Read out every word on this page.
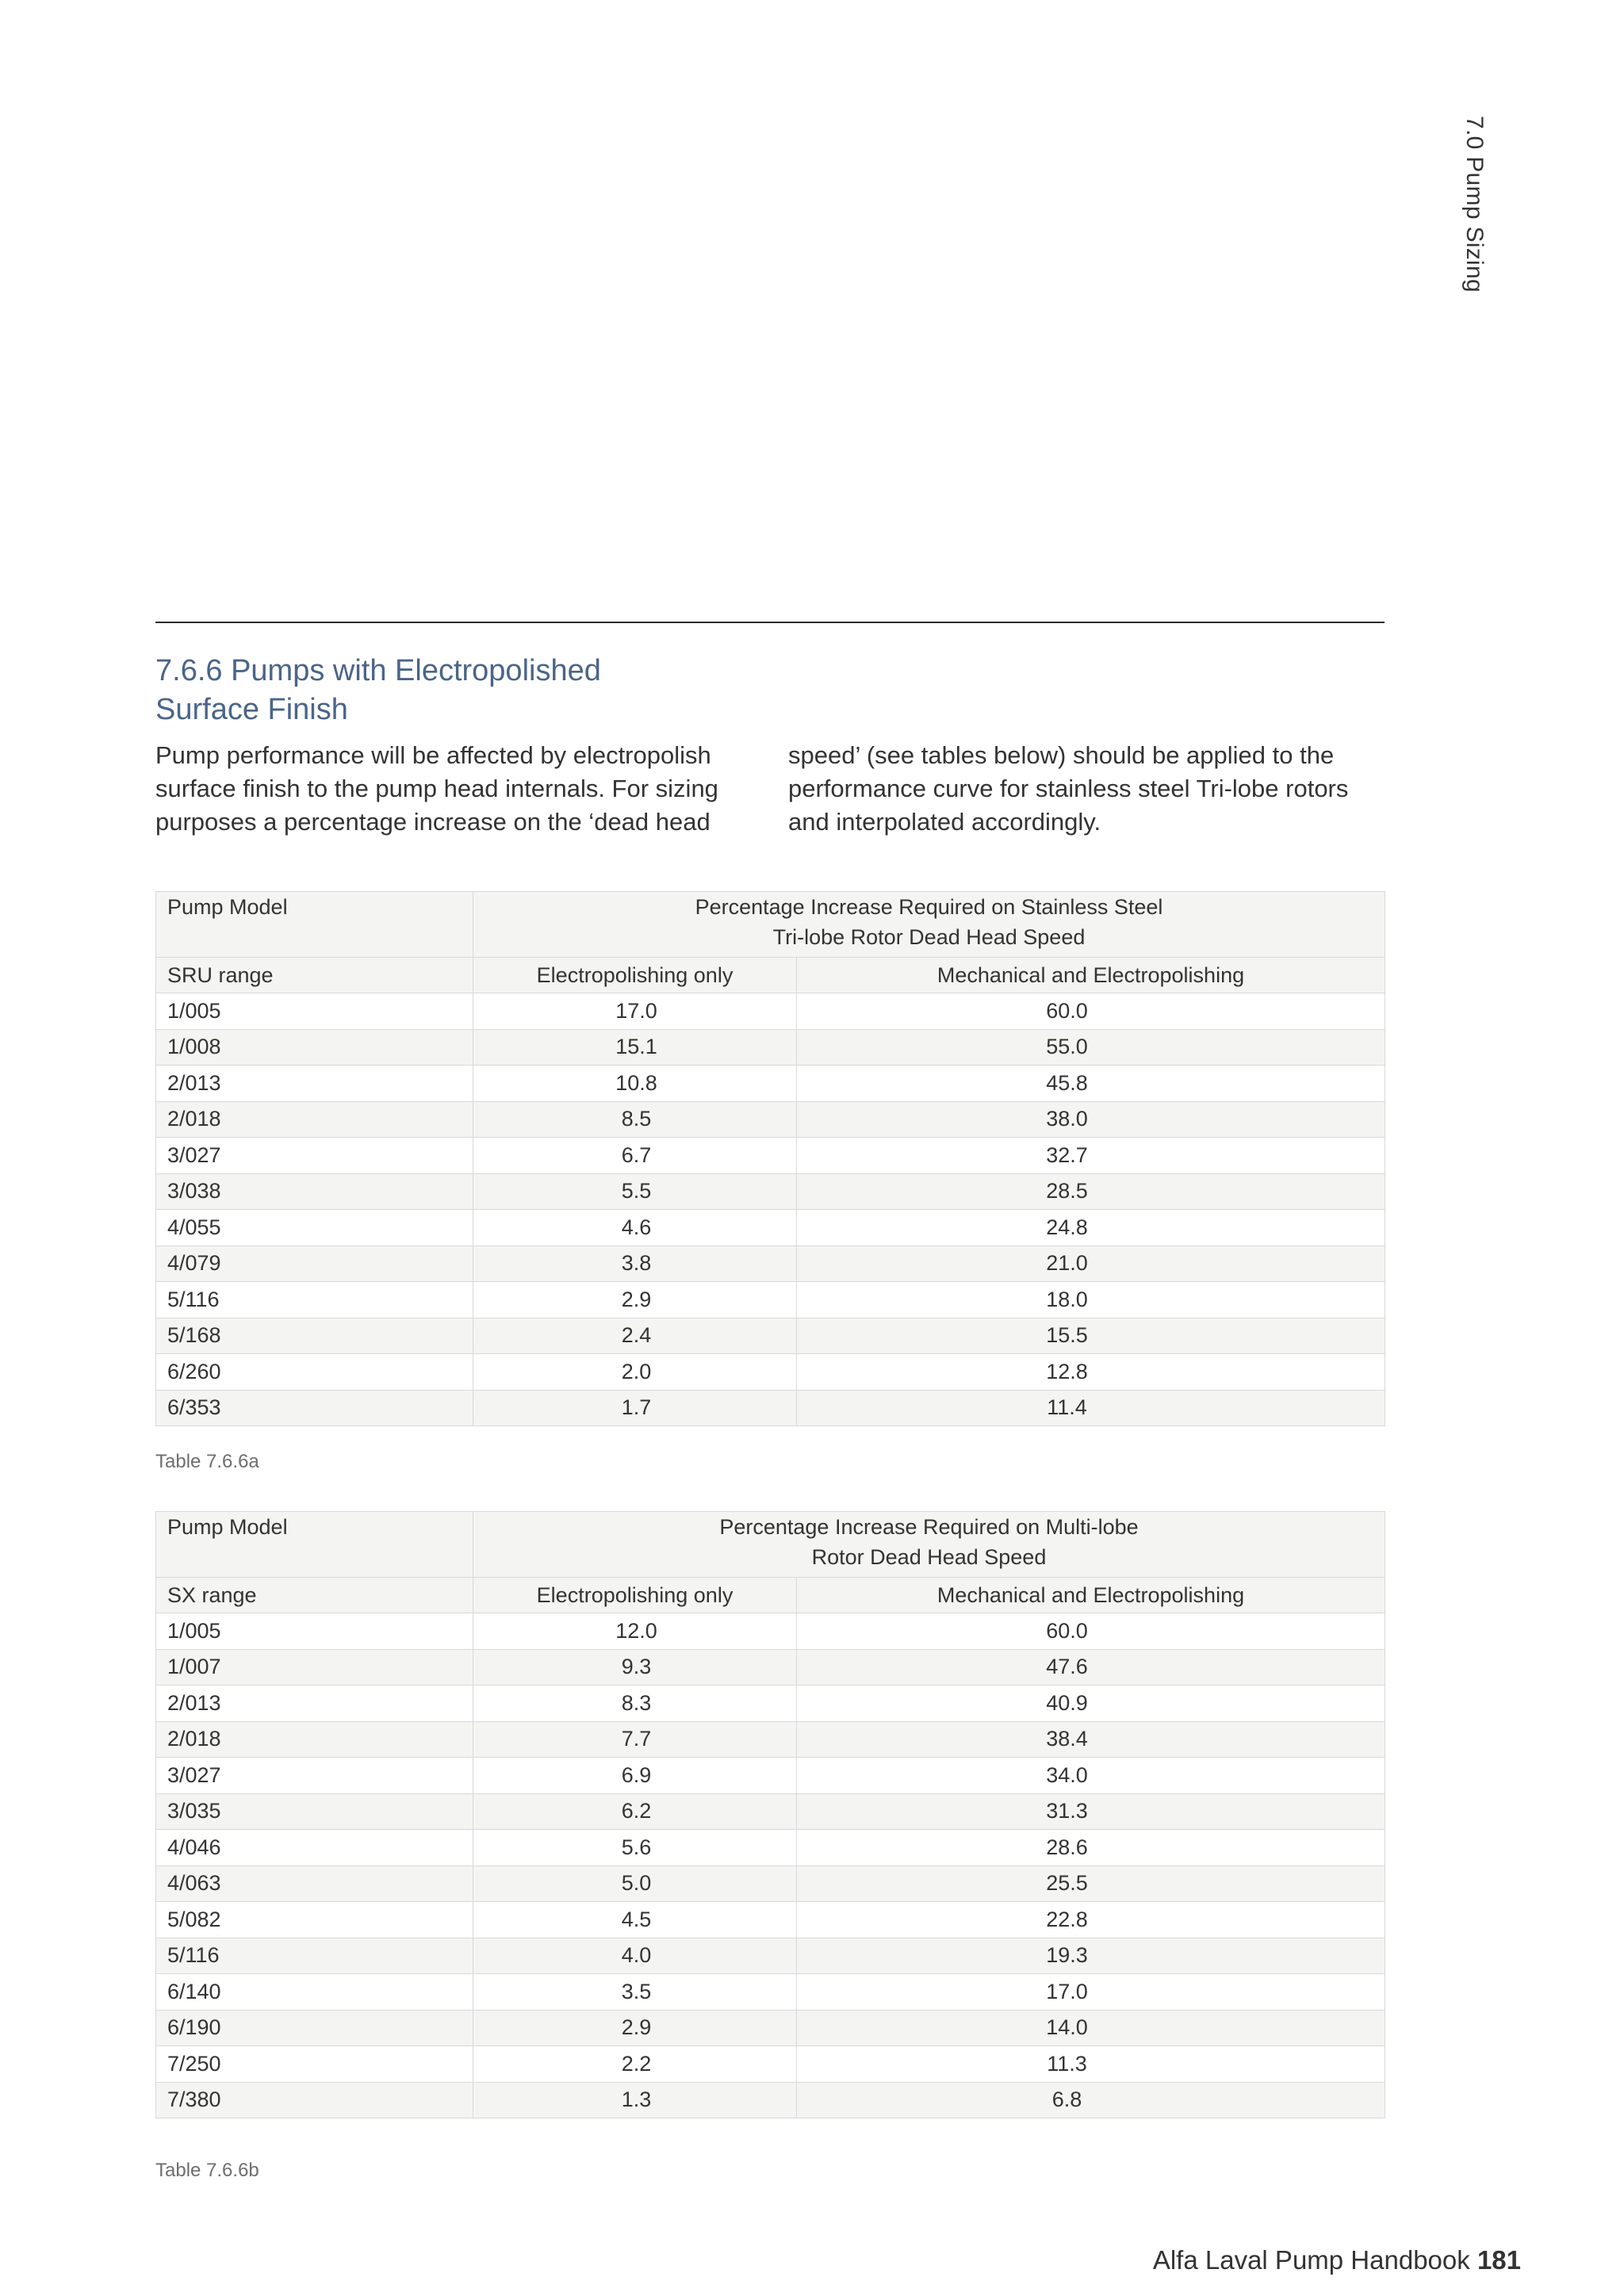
7.0 Pump Sizing
7.6.6 Pumps with Electropolished
Surface Finish
Pump performance will be affected by electropolish surface finish to the pump head internals. For sizing purposes a percentage increase on the ‘dead head
speed’ (see tables below) should be applied to the performance curve for stainless steel Tri-lobe rotors and interpolated accordingly.
Pump Model	Percentage Increase Required on Stainless Steel
Tri-lobe Rotor Dead Head Speed	

SRU range	Electropolishing only	Mechanical and Electropolishing
1/005	17.0	60.0
1/008	15.1	55.0
2/013	10.8	45.8
2/018	8.5	38.0
3/027	6.7	32.7
3/038	5.5	28.5
4/055	4.6	24.8
4/079	3.8	21.0
5/116	2.9	18.0
5/168	2.4	15.5
6/260	2.0	12.8
6/353	1.7	11.4
Table 7.6.6a
Pump Model	Percentage Increase Required on Multi-lobe
Rotor Dead Head Speed	

SX range	Electropolishing only	Mechanical and Electropolishing
1/005	12.0	60.0
1/007	9.3	47.6
2/013	8.3	40.9
2/018	7.7	38.4
3/027	6.9	34.0
3/035	6.2	31.3
4/046	5.6	28.6
4/063	5.0	25.5
5/082	4.5	22.8
5/116	4.0	19.3
6/140	3.5	17.0
6/190	2.9	14.0
7/250	2.2	11.3
7/380	1.3	6.8
Table 7.6.6b
Alfa Laval Pump Handbook 181
